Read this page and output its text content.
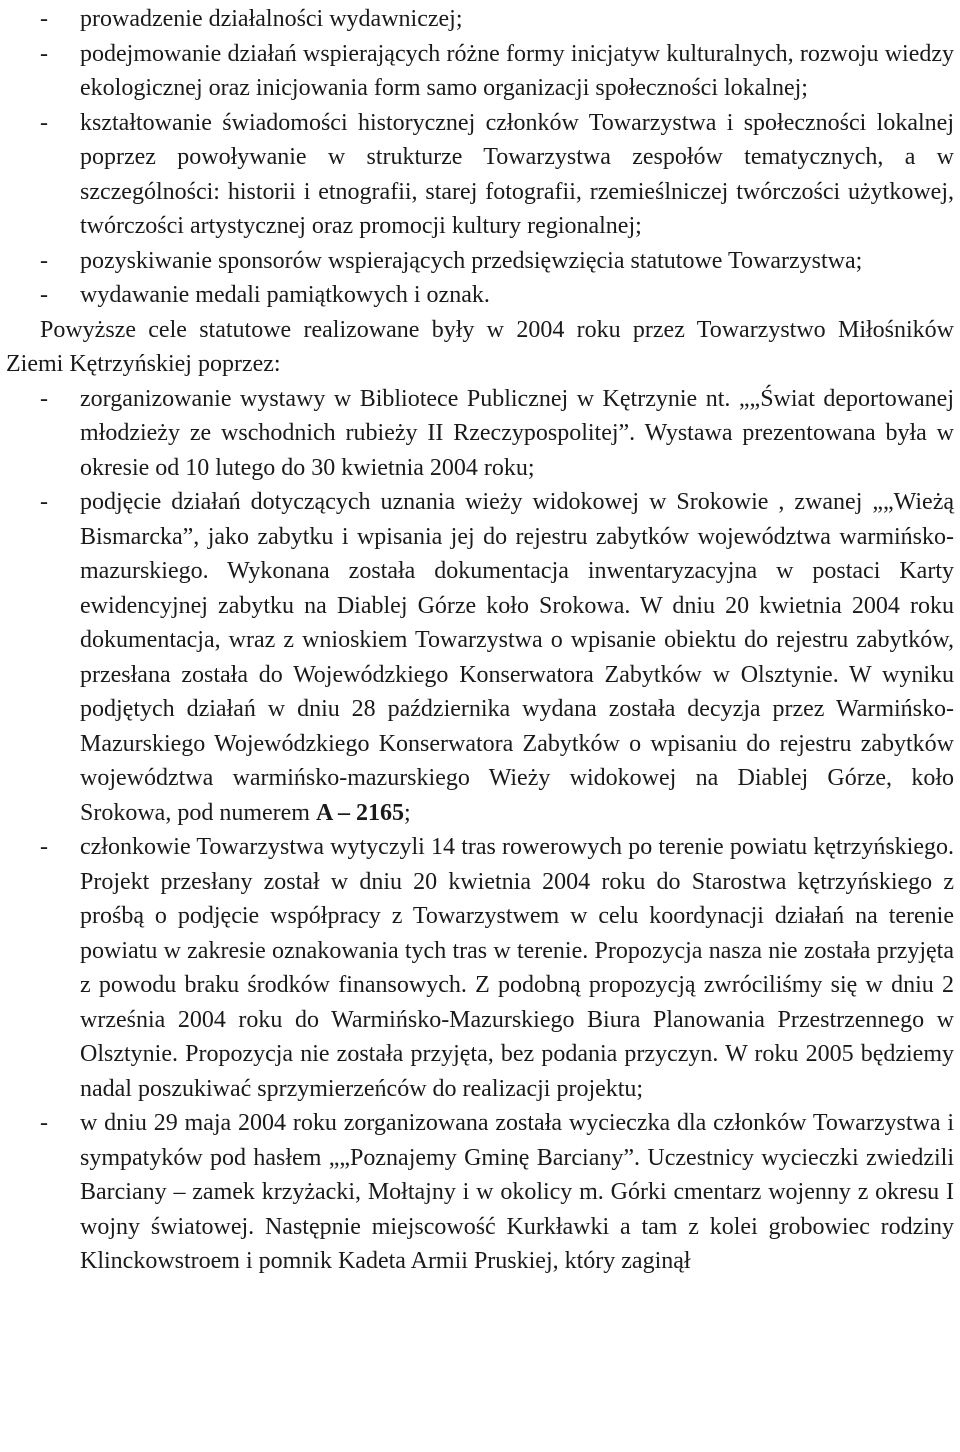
-	prowadzenie działalności wydawniczej;
-	podejmowanie działań wspierających różne formy inicjatyw kulturalnych, rozwoju wiedzy ekologicznej oraz inicjowania form samo organizacji społeczności lokalnej;
-	kształtowanie świadomości historycznej członków Towarzystwa i społeczności lokalnej poprzez powoływanie w strukturze Towarzystwa zespołów tematycznych, a w szczególności: historii i etnografii, starej fotografii, rzemieślniczej twórczości użytkowej, twórczości artystycznej oraz promocji kultury regionalnej;
-	pozyskiwanie sponsorów wspierających przedsięwzięcia statutowe Towarzystwa;
-	wydawanie medali pamiątkowych i oznak.
Powyższe cele statutowe realizowane były w 2004 roku przez Towarzystwo Miłośników Ziemi Kętrzyńskiej poprzez:
-	zorganizowanie wystawy w Bibliotece Publicznej w Kętrzynie nt. „„Świat deportowanej młodzieży ze wschodnich rubieży II Rzeczypospolitej”. Wystawa prezentowana była w okresie od 10 lutego do 30 kwietnia 2004 roku;
-	podjęcie działań dotyczących uznania wieży widokowej w Srokowie , zwanej „„Wieżą Bismarcka”, jako zabytku i wpisania jej do rejestru zabytków województwa warmińsko-mazurskiego. Wykonana została dokumentacja inwentaryzacyjna w postaci Karty ewidencyjnej zabytku na Diablej Górze koło Srokowa. W dniu 20 kwietnia 2004 roku dokumentacja, wraz z wnioskiem Towarzystwa o wpisanie obiektu do rejestru zabytków, przesłana została do Wojewódzkiego Konserwatora Zabytków w Olsztynie. W wyniku podjętych działań w dniu 28 października wydana została decyzja przez Warmińsko-Mazurskiego Wojewódzkiego Konserwatora Zabytków o wpisaniu do rejestru zabytków województwa warmińsko-mazurskiego Wieży widokowej na Diablej Górze, koło Srokowa, pod numerem A – 2165;
-	członkowie Towarzystwa wytyczyli 14 tras rowerowych po terenie powiatu kętrzyńskiego. Projekt przesłany został w dniu 20 kwietnia 2004 roku do Starostwa kętrzyńskiego z prośbą o podjęcie współpracy z Towarzystwem w celu koordynacji działań na terenie powiatu w zakresie oznakowania tych tras w terenie. Propozycja nasza nie została przyjęta z powodu braku środków finansowych. Z podobną propozycją zwróciliśmy się w dniu 2 września 2004 roku do Warmińsko-Mazurskiego Biura Planowania Przestrzennego w Olsztynie. Propozycja nie została przyjęta, bez podania przyczyn. W roku 2005 będziemy nadal poszukiwać sprzymierzeńców do realizacji projektu;
-	w dniu 29 maja 2004 roku zorganizowana została wycieczka dla członków Towarzystwa i sympatyków pod hasłem „„Poznajemy Gminę Barciany”. Uczestnicy wycieczki zwiedzili Barciany – zamek krzyżacki, Mołtajny i w okolicy m. Górki cmentarz wojenny z okresu I wojny światowej. Następnie miejscowość Kurkławki a tam z kolei grobowiec rodziny Klinckowstroem i pomnik Kadeta Armii Pruskiej, który zaginął
